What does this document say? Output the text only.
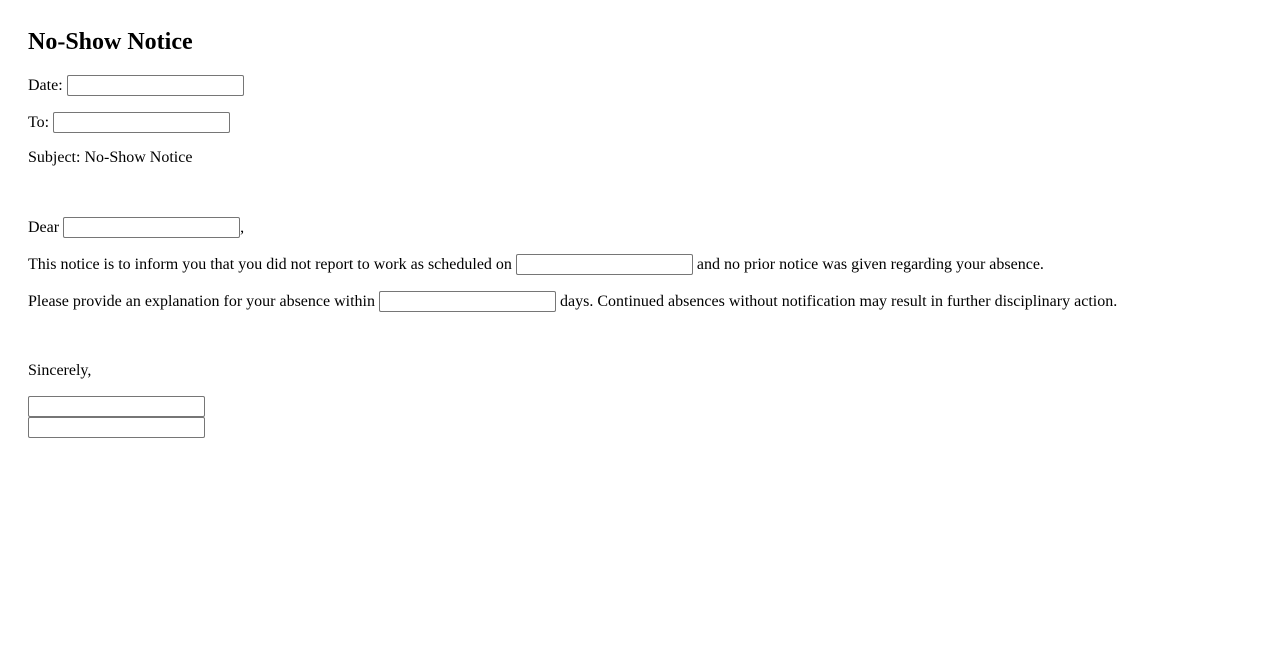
No-Show Notice
Date:
To:
Subject: No-Show Notice
Dear	,
This notice is to inform you that you did not report to work as scheduled on	and no prior notice was given regarding your absence.
Please provide an explanation for your absence within	days. Continued absences without notification may result in further disciplinary action.
Sincerely,
